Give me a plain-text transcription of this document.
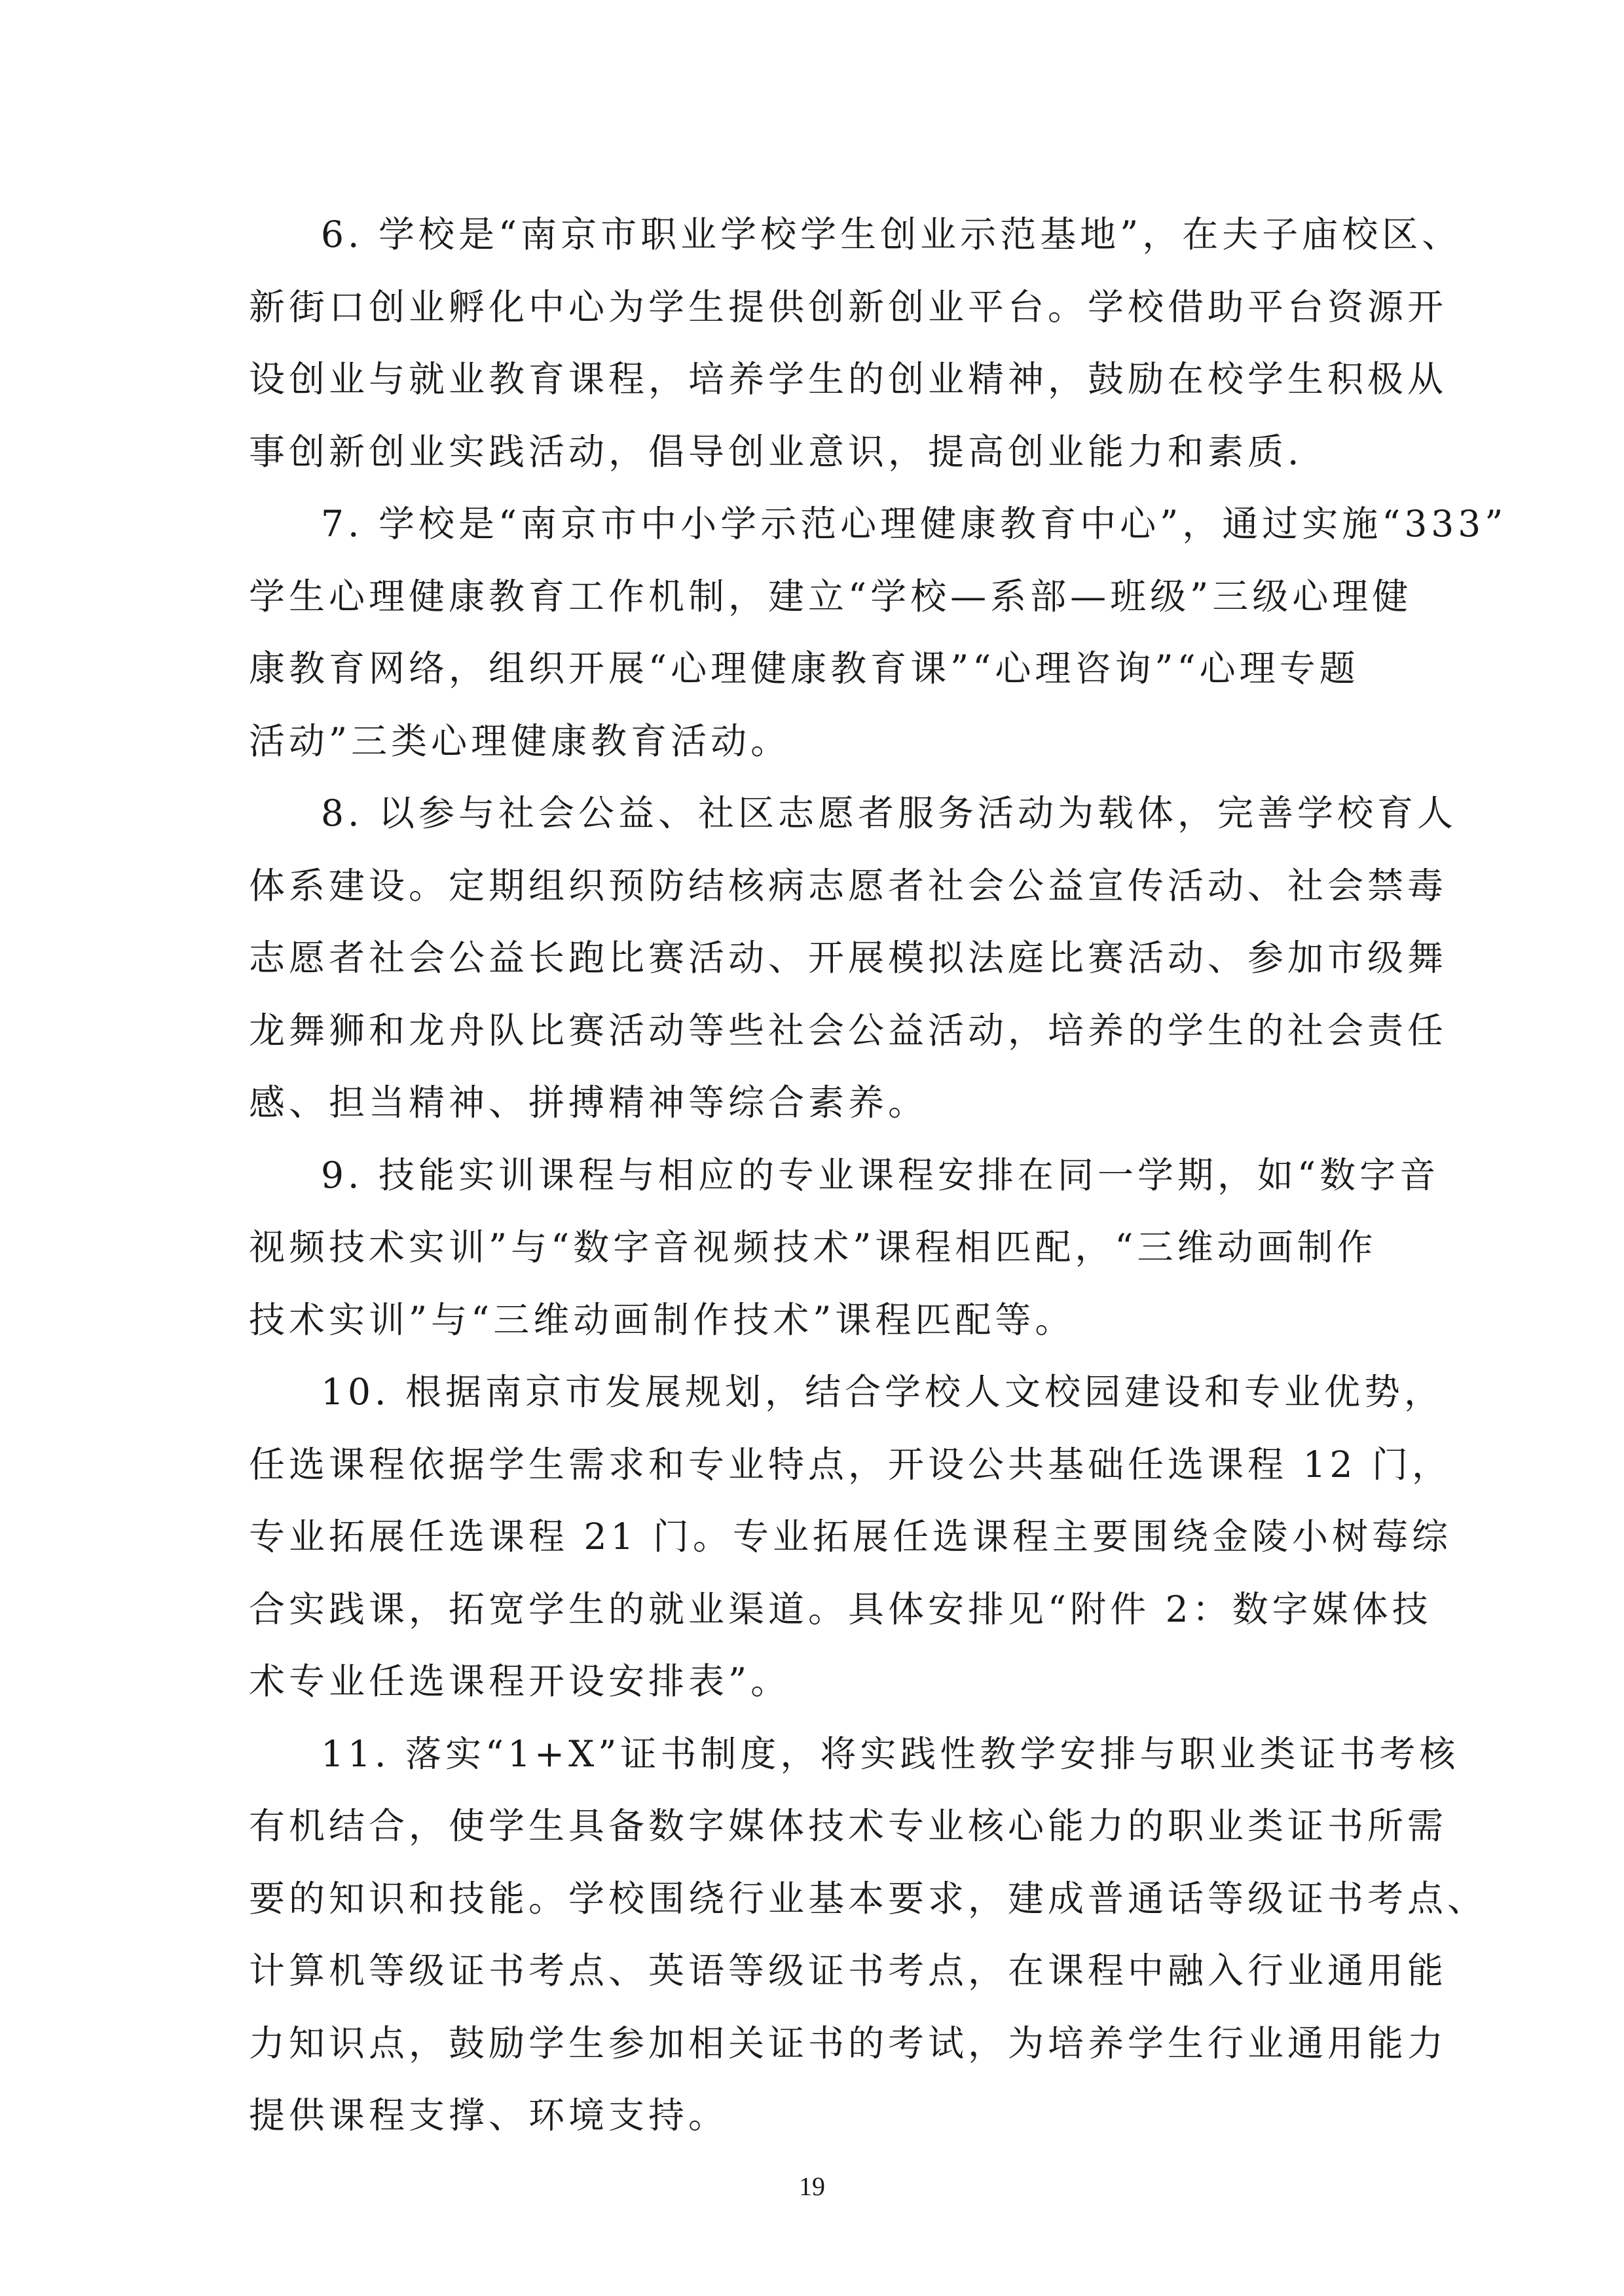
6. 学校是“南京市职业学校学生创业示范基地”，在夫子庙校区、
新街口创业孵化中心为学生提供创新创业平台。学校借助平台资源开
设创业与就业教育课程，培养学生的创业精神，鼓励在校学生积极从
事创新创业实践活动，倡导创业意识，提高创业能力和素质.
7. 学校是“南京市中小学示范心理健康教育中心”，通过实施“333”
学生心理健康教育工作机制，建立“学校—系部—班级”三级心理健
康教育网络，组织开展“心理健康教育课”“心理咨询”“心理专题
活动”三类心理健康教育活动。
8. 以参与社会公益、社区志愿者服务活动为载体，完善学校育人
体系建设。定期组织预防结核病志愿者社会公益宣传活动、社会禁毒
志愿者社会公益长跑比赛活动、开展模拟法庭比赛活动、参加市级舞
龙舞狮和龙舟队比赛活动等些社会公益活动，培养的学生的社会责任
感、担当精神、拼搏精神等综合素养。
9. 技能实训课程与相应的专业课程安排在同一学期，如“数字音
视频技术实训”与“数字音视频技术”课程相匹配，“三维动画制作
技术实训”与“三维动画制作技术”课程匹配等。
10. 根据南京市发展规划，结合学校人文校园建设和专业优势，
任选课程依据学生需求和专业特点，开设公共基础任选课程 12 门，
专业拓展任选课程 21 门。专业拓展任选课程主要围绕金陵小树莓综
合实践课，拓宽学生的就业渠道。具体安排见“附件 2：数字媒体技
术专业任选课程开设安排表”。
11. 落实“1+X”证书制度，将实践性教学安排与职业类证书考核
有机结合，使学生具备数字媒体技术专业核心能力的职业类证书所需
要的知识和技能。学校围绕行业基本要求，建成普通话等级证书考点、
计算机等级证书考点、英语等级证书考点，在课程中融入行业通用能
力知识点，鼓励学生参加相关证书的考试，为培养学生行业通用能力
提供课程支撑、环境支持。
19
